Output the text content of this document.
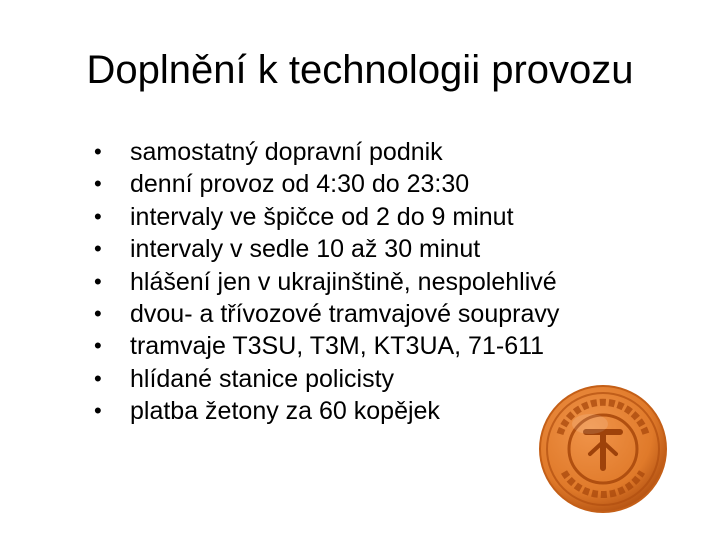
Doplnění k technologii provozu
•	samostatný dopravní podnik
•	denní provoz od 4:30 do 23:30
•	intervaly ve špičce od 2 do 9 minut
•	intervaly v sedle 10 až 30 minut
•	hlášení jen v ukrajinštině, nespolehlivé
•	dvou- a třívozové tramvajové soupravy
•	tramvaje T3SU, T3M, KT3UA, 71-611
•	hlídané stanice policisty
•	platba žetony za 60 kopějek
